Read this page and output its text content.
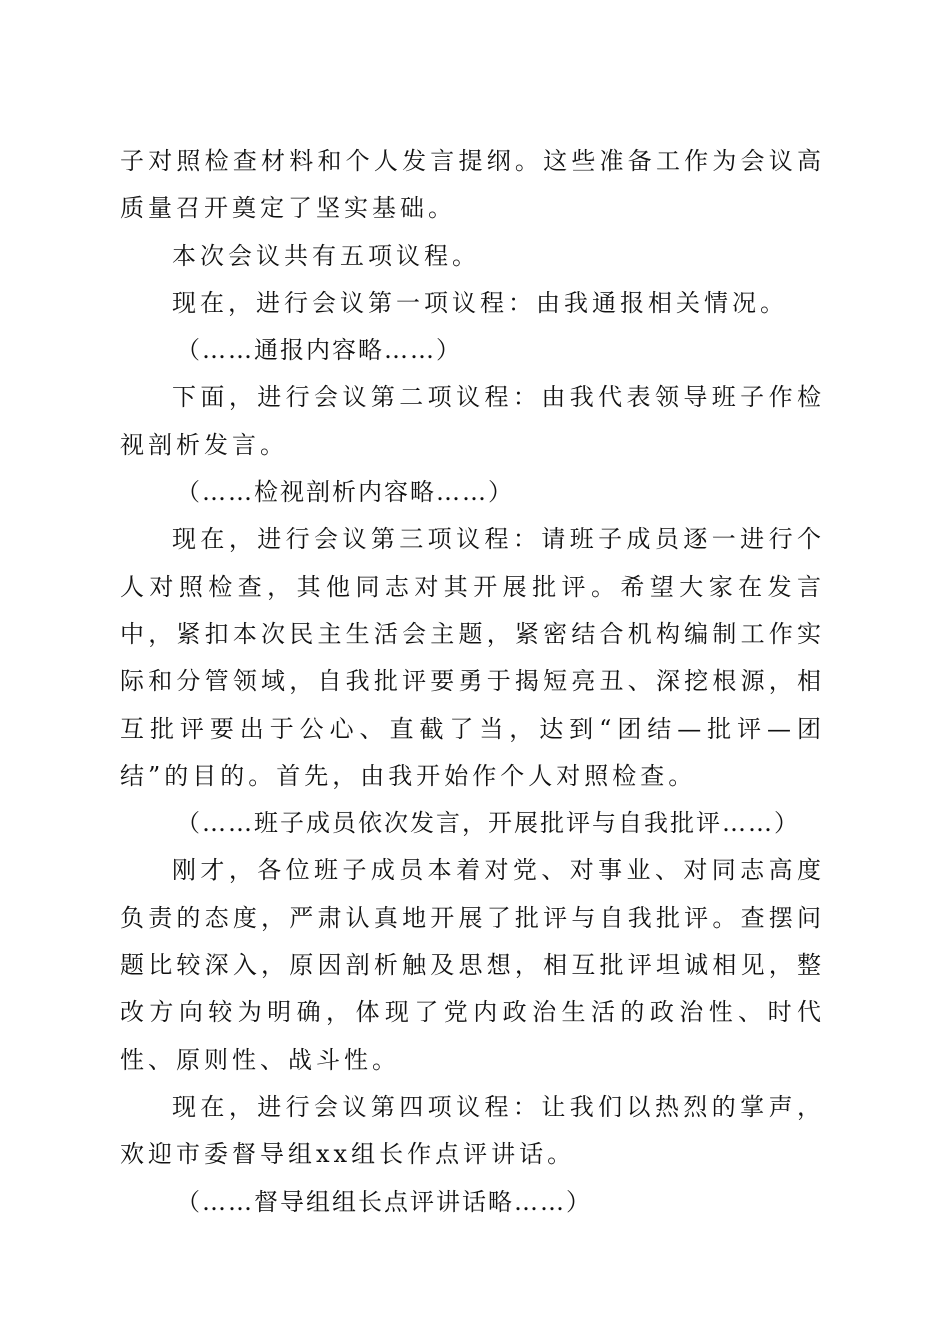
子对照检查材料和个人发言提纲。这些准备工作为会议高质量召开奠定了坚实基础。

本次会议共有五项议程。

现在，进行会议第一项议程：由我通报相关情况。

（……通报内容略……）

下面，进行会议第二项议程：由我代表领导班子作检视剖析发言。

（……检视剖析内容略……）

现在，进行会议第三项议程：请班子成员逐一进行个人对照检查，其他同志对其开展批评。希望大家在发言中，紧扣本次民主生活会主题，紧密结合机构编制工作实际和分管领域，自我批评要勇于揭短亮丑、深挖根源，相互批评要出于公心、直截了当，达到“团结—批评—团结”的目的。首先，由我开始作个人对照检查。

（……班子成员依次发言，开展批评与自我批评……）

刚才，各位班子成员本着对党、对事业、对同志高度负责的态度，严肃认真地开展了批评与自我批评。查摆问题比较深入，原因剖析触及思想，相互批评坦诚相见，整改方向较为明确，体现了党内政治生活的政治性、时代性、原则性、战斗性。

现在，进行会议第四项议程：让我们以热烈的掌声，欢迎市委督导组xx组长作点评讲话。

（……督导组组长点评讲话略……）
